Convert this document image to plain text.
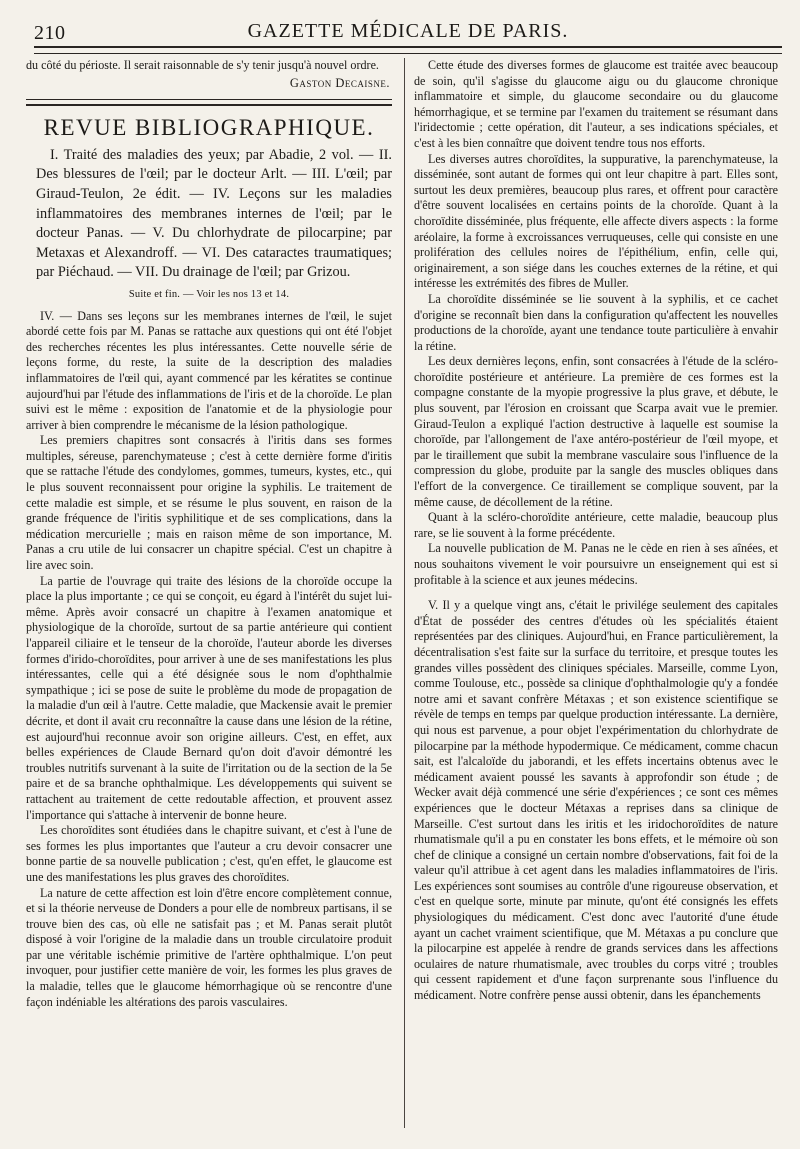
210	GAZETTE MÉDICALE DE PARIS.

du côté du périoste. Il serait raisonnable de s'y tenir jusqu'à nouvel ordre.

Gaston Decaisne.
REVUE BIBLIOGRAPHIQUE.

I. Traité des maladies des yeux; par Abadie, 2 vol. — II. Des blessures de l'œil; par le docteur Arlt. — III. L'œil; par Giraud-Teulon, 2e édit. — IV. Leçons sur les maladies inflammatoires des membranes internes de l'œil; par le docteur Panas. — V. Du chlorhydrate de pilocarpine; par Metaxas et Alexandroff. — VI. Des cataractes traumatiques; par Piéchaud. — VII. Du drainage de l'œil; par Grizou.

Suite et fin. — Voir les nos 13 et 14.

IV. — Dans ses leçons sur les membranes internes de l'œil, le sujet abordé cette fois par M. Panas se rattache aux questions qui ont été l'objet des recherches récentes les plus intéressantes. Cette nouvelle série de leçons forme, du reste, la suite de la description des maladies inflammatoires de l'œil qui, ayant commencé par les kératites se continue aujourd'hui par l'étude des inflammations de l'iris et de la choroïde. Le plan suivi est le même : exposition de l'anatomie et de la physiologie pour arriver à bien comprendre le mécanisme de la lésion pathologique.

Les premiers chapitres sont consacrés à l'iritis dans ses formes multiples, séreuse, parenchymateuse ; c'est à cette dernière forme d'iritis que se rattache l'étude des condylomes, gommes, tumeurs, kystes, etc., qui le plus souvent reconnaissent pour origine la syphilis. Le traitement de cette maladie est simple, et se résume le plus souvent, en raison de la grande fréquence de l'iritis syphilitique et de ses complications, dans la médication mercurielle ; mais en raison même de son importance, M. Panas a cru utile de lui consacrer un chapitre spécial. C'est un chapitre à lire avec soin.

La partie de l'ouvrage qui traite des lésions de la choroïde occupe la place la plus importante ; ce qui se conçoit, eu égard à l'intérêt du sujet lui-même. Après avoir consacré un chapitre à l'examen anatomique et physiologique de la choroïde, surtout de sa partie antérieure qui contient l'appareil ciliaire et le tenseur de la choroïde, l'auteur aborde les diverses formes d'irido-choroïdites, pour arriver à une de ses manifestations les plus intéressantes, celle qui a été désignée sous le nom d'ophthalmie sympathique ; ici se pose de suite le problème du mode de propagation de la maladie d'un œil à l'autre. Cette maladie, que Mackensie avait le premier décrite, et dont il avait cru reconnaître la cause dans une lésion de la rétine, est aujourd'hui reconnue avoir son origine ailleurs. C'est, en effet, aux belles expériences de Claude Bernard qu'on doit d'avoir démontré les troubles nutritifs survenant à la suite de l'irritation ou de la section de la 5e paire et de sa branche ophthalmique. Les développements qui suivent se rattachent au traitement de cette redoutable affection, et prouvent assez l'importance qui s'attache à intervenir de bonne heure.

Les choroïdites sont étudiées dans le chapitre suivant, et c'est à l'une de ses formes les plus importantes que l'auteur a cru devoir consacrer une bonne partie de sa nouvelle publication ; c'est, qu'en effet, le glaucome est une des manifestations les plus graves des choroïdites.

La nature de cette affection est loin d'être encore complètement connue, et si la théorie nerveuse de Donders a pour elle de nombreux partisans, il se trouve bien des cas, où elle ne satisfait pas ; et M. Panas serait plutôt disposé à voir l'origine de la maladie dans un trouble circulatoire produit par une véritable ischémie primitive de l'artère ophthalmique. L'on peut invoquer, pour justifier cette manière de voir, les formes les plus graves de la maladie, telles que le glaucome hémorrhagique où se rencontre d'une façon indéniable les altérations des parois vasculaires.

Cette étude des diverses formes de glaucome est traitée avec beaucoup de soin, qu'il s'agisse du glaucome aigu ou du glaucome chronique inflammatoire et simple, du glaucome secondaire ou du glaucome hémorrhagique, et se termine par l'examen du traitement se résumant dans l'iridectomie ; cette opération, dit l'auteur, a ses indications spéciales, et c'est à les bien connaître que doivent tendre tous nos efforts.

Les diverses autres choroïdites, la suppurative, la parenchymateuse, la disséminée, sont autant de formes qui ont leur chapitre à part. Elles sont, surtout les deux premières, beaucoup plus rares, et offrent pour caractère d'être souvent localisées en certains points de la choroïde. Quant à la choroïdite disséminée, plus fréquente, elle affecte divers aspects : la forme aréolaire, la forme à excroissances verruqueuses, celle qui consiste en une prolifération des cellules noires de l'épithélium, enfin, celle qui, originairement, a son siége dans les couches externes de la rétine, et qui intéresse les extrémités des fibres de Muller.

La choroïdite disséminée se lie souvent à la syphilis, et ce cachet d'origine se reconnaît bien dans la configuration qu'affectent les nouvelles productions de la choroïde, ayant une tendance toute particulière à envahir la rétine.

Les deux dernières leçons, enfin, sont consacrées à l'étude de la scléro-choroïdite postérieure et antérieure. La première de ces formes est la compagne constante de la myopie progressive la plus grave, et débute, le plus souvent, par l'érosion en croissant que Scarpa avait vue le premier. Giraud-Teulon a expliqué l'action destructive à laquelle est soumise la choroïde, par l'allongement de l'axe antéro-postérieur de l'œil myope, et par le tiraillement que subit la membrane vasculaire sous l'influence de la compression du globe, produite par la sangle des muscles obliques dans l'effort de la convergence. Ce tiraillement se complique souvent, par la même cause, de décollement de la rétine.

Quant à la scléro-choroïdite antérieure, cette maladie, beaucoup plus rare, se lie souvent à la forme précédente.

La nouvelle publication de M. Panas ne le cède en rien à ses aînées, et nous souhaitons vivement le voir poursuivre un enseignement qui est si profitable à la science et aux jeunes médecins.

V. Il y a quelque vingt ans, c'était le privilége seulement des capitales d'État de posséder des centres d'études où les spécialités étaient représentées par des cliniques. Aujourd'hui, en France particulièrement, la décentralisation s'est faite sur la surface du territoire, et presque toutes les grandes villes possèdent des cliniques spéciales. Marseille, comme Lyon, comme Toulouse, etc., possède sa clinique d'ophthalmologie qu'y a fondée notre ami et savant confrère Métaxas ; et son existence scientifique se révèle de temps en temps par quelque production intéressante. La dernière, qui nous est parvenue, a pour objet l'expérimentation du chlorhydrate de pilocarpine par la méthode hypodermique. Ce médicament, comme chacun sait, est l'alcaloïde du jaborandi, et les effets incertains obtenus avec le médicament avaient poussé les savants à approfondir son étude ; de Wecker avait déjà commencé une série d'expériences ; ce sont ces mêmes expériences que le docteur Métaxas a reprises dans sa clinique de Marseille. C'est surtout dans les iritis et les iridochoroïdites de nature rhumatismale qu'il a pu en constater les bons effets, et le mémoire où son chef de clinique a consigné un certain nombre d'observations, fait foi de la valeur qu'il attribue à cet agent dans les maladies inflammatoires de l'iris. Les expériences sont soumises au contrôle d'une rigoureuse observation, et c'est en quelque sorte, minute par minute, qu'ont été consignés les effets physiologiques du médicament. C'est donc avec l'autorité d'une étude ayant un cachet vraiment scientifique, que M. Métaxas a pu conclure que la pilocarpine est appelée à rendre de grands services dans les affections oculaires de nature rhumatismale, avec troubles du corps vitré ; troubles qui cessent rapidement et d'une façon surprenante sous l'influence du médicament. Notre confrère pense aussi obtenir, dans les épanchements
